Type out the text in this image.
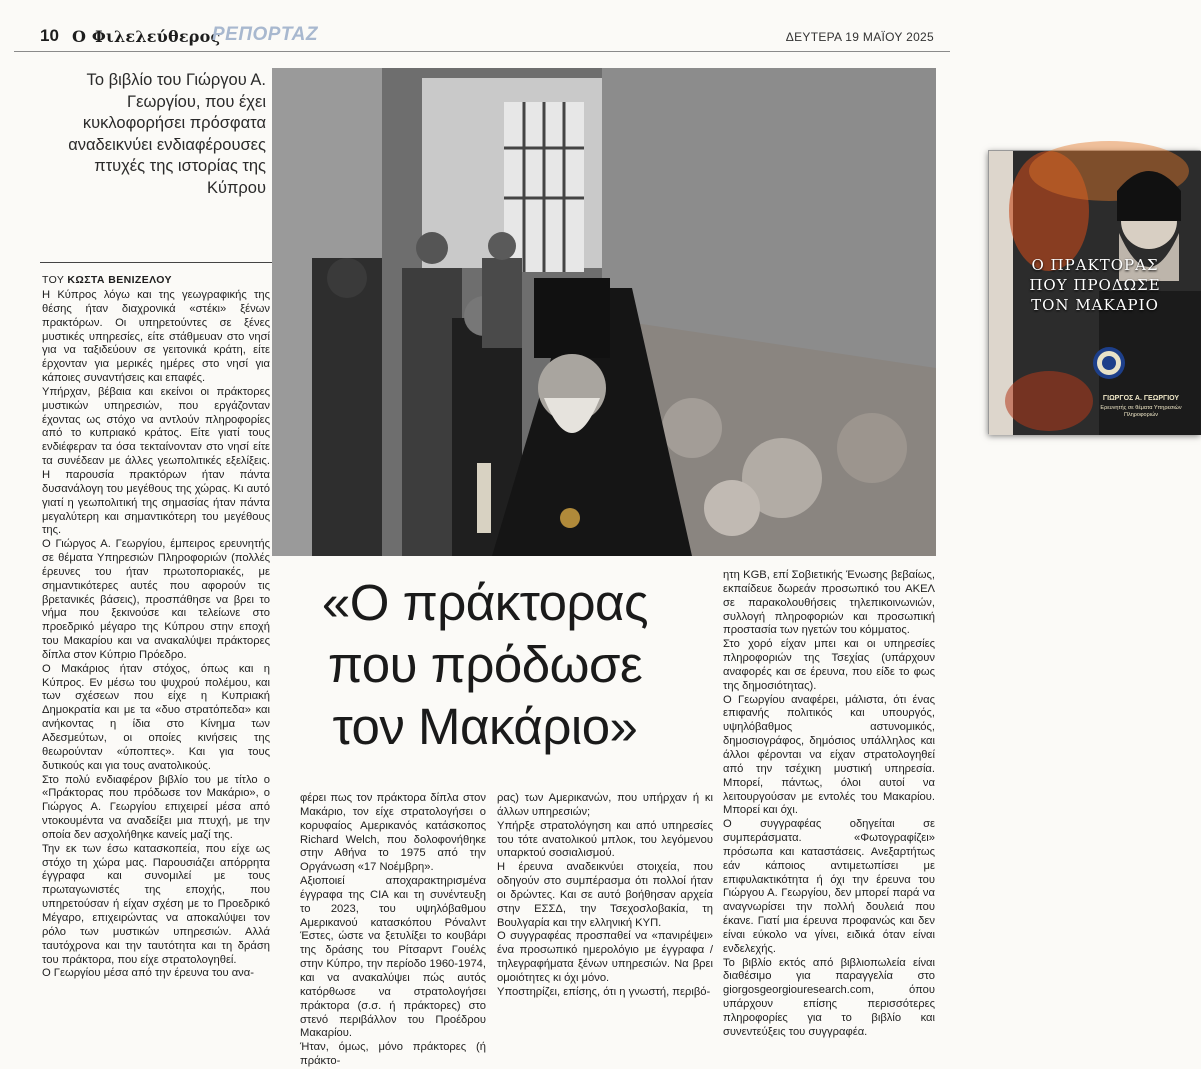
10 Ο Φιλελεύθερος
ΡΕΠΟΡΤΑΖ	ΔΕΥΤΕΡΑ 19 ΜΑΪΟΥ 2025
Το βιβλίο του Γιώργου Α. Γεωργίου, που έχει κυκλοφορήσει πρόσφατα αναδεικνύει ενδιαφέρουσες πτυχές της ιστορίας της Κύπρου
ΤΟΥ ΚΩΣΤΑ ΒΕΝΙΖΕΛΟΥ
Ο ΠΡΑΚΤΟΡΑΣ
ΠΟΥ ΠΡΟΔΩΣΕ
ΤΟΝ ΜΑΚΑΡΙΟ
ΓΙΩΡΓΟΣ Α. ΓΕΩΡΓΙΟΥ
Ερευνητής σε θέματα Υπηρεσιών Πληροφοριών
«Ο πράκτορας που πρόδωσε τον Μακάριο»

Η Κύπρος λόγω και της γεωγραφικής της θέσης ήταν διαχρονικά «στέκι» ξένων πρακτόρων. Οι υπηρετούντες σε ξένες μυστικές υπηρεσίες, είτε στάθμευαν στο νησί για να ταξιδεύουν σε γειτονικά κράτη, είτε έρχονταν για μερικές ημέρες στο νησί για κάποιες συναντήσεις και επαφές.

Υπήρχαν, βέβαια και εκείνοι οι πράκτορες μυστικών υπηρεσιών, που εργάζονταν έχοντας ως στόχο να αντλούν πληροφορίες από το κυπριακό κράτος. Είτε γιατί τους ενδιέφεραν τα όσα τεκταίνονταν στο νησί είτε τα συνέδεαν με άλλες γεωπολιτικές εξελίξεις. Η παρουσία πρακτόρων ήταν πάντα δυσανάλογη του μεγέθους της χώρας. Κι αυτό γιατί η γεωπολιτική της σημασίας ήταν πάντα μεγαλύτερη και σημαντικότερη του μεγέθους της.

Ο Γιώργος Α. Γεωργίου, έμπειρος ερευνητής σε θέματα Υπηρεσιών Πληροφοριών (πολλές έρευνες του ήταν πρωτοποριακές, με σημαντικότερες αυτές που αφορούν τις βρετανικές βάσεις), προσπάθησε να βρει το νήμα που ξεκινούσε και τελείωνε στο προεδρικό μέγαρο της Κύπρου στην εποχή του Μακαρίου και να ανακαλύψει πράκτορες δίπλα στον Κύπριο Πρόεδρο.

Ο Μακάριος ήταν στόχος, όπως και η Κύπρος. Εν μέσω του ψυχρού πολέμου, και των σχέσεων που είχε η Κυπριακή Δημοκρατία και με τα «δυο στρατόπεδα» και ανήκοντας η ίδια στο Κίνημα των Αδεσμεύτων, οι οποίες κινήσεις της θεωρούνταν «ύποπτες». Και για τους δυτικούς και για τους ανατολικούς.

Στο πολύ ενδιαφέρον βιβλίο του με τίτλο ο «Πράκτορας που πρόδωσε τον Μακάριο», ο Γιώργος Α. Γεωργίου επιχειρεί μέσα από ντοκουμέντα να αναδείξει μια πτυχή, με την οποία δεν ασχολήθηκε κανείς μαζί της.

Την εκ των έσω κατασκοπεία, που είχε ως στόχο τη χώρα μας. Παρουσιάζει απόρρητα έγγραφα και συνομιλεί με τους πρωταγωνιστές της εποχής, που υπηρετούσαν ή είχαν σχέση με το Προεδρικό Μέγαρο, επιχειρώντας να αποκαλύψει τον ρόλο των μυστικών υπηρεσιών. Αλλά ταυτόχρονα και την ταυτότητα και τη δράση του πράκτορα, που είχε στρατολογηθεί.

Ο Γεωργίου μέσα από την έρευνα του ανα-

φέρει πως τον πράκτορα δίπλα στον Μακάριο, τον είχε στρατολογήσει ο κορυφαίος Αμερικανός κατάσκοπος Richard Welch, που δολοφονήθηκε στην Αθήνα το 1975 από την Οργάνωση «17 Νοέμβρη».

Αξιοποιεί αποχαρακτηρισμένα έγγραφα της CIA και τη συνέντευξη το 2023, του υψηλόβαθμου Αμερικανού κατασκόπου Ρόναλντ Έστες, ώστε να ξετυλίξει το κουβάρι της δράσης του Ρίτσαρντ Γουέλς στην Κύπρο, την περίοδο 1960-1974, και να ανακαλύψει πώς αυτός κατόρθωσε να στρατολογήσει πράκτορα (σ.σ. ή πράκτορες) στο στενό περιβάλλον του Προέδρου Μακαρίου.

Ήταν, όμως, μόνο πράκτορες (ή πράκτο-

ρας) των Αμερικανών, που υπήρχαν ή κι άλλων υπηρεσιών;

Υπήρξε στρατολόγηση και από υπηρεσίες του τότε ανατολικού μπλοκ, του λεγόμενου υπαρκτού σοσιαλισμού.

Η έρευνα αναδεικνύει στοιχεία, που οδηγούν στο συμπέρασμα ότι πολλοί ήταν οι δρώντες. Και σε αυτό βοήθησαν αρχεία στην ΕΣΣΔ, την Τσεχοσλοβακία, τη Βουλγαρία και την ελληνική ΚΥΠ.

Ο συγγραφέας προσπαθεί να «πανιρέψει» ένα προσωπικό ημερολόγιο με έγγραφα / τηλεγραφήματα ξένων υπηρεσιών. Να βρει ομοιότητες κι όχι μόνο.

Υποστηρίζει, επίσης, ότι η γνωστή, περιβό-

ητη KGB, επί Σοβιετικής Ένωσης βεβαίως, εκπαίδευε δωρεάν προσωπικό του ΑΚΕΛ σε παρακολουθήσεις τηλεπικοινωνιών, συλλογή πληροφοριών και προσωπική προστασία των ηγετών του κόμματος.

Στο χορό είχαν μπει και οι υπηρεσίες πληροφοριών της Τσεχίας (υπάρχουν αναφορές και σε έρευνα, που είδε το φως της δημοσιότητας).

Ο Γεωργίου αναφέρει, μάλιστα, ότι ένας επιφανής πολιτικός και υπουργός, υψηλόβαθμος αστυνομικός, δημοσιογράφος, δημόσιος υπάλληλος και άλλοι φέρονται να είχαν στρατολογηθεί από την τσέχικη μυστική υπηρεσία. Μπορεί, πάντως, όλοι αυτοί να λειτουργούσαν με εντολές του Μακαρίου. Μπορεί και όχι.

Ο συγγραφέας οδηγείται σε συμπεράσματα. «Φωτογραφίζει» πρόσωπα και καταστάσεις. Ανεξαρτήτως εάν κάποιος αντιμετωπίσει με επιφυλακτικότητα ή όχι την έρευνα του Γιώργου Α. Γεωργίου, δεν μπορεί παρά να αναγνωρίσει την πολλή δουλειά που έκανε. Γιατί μια έρευνα προφανώς και δεν είναι εύκολο να γίνει, ειδικά όταν είναι ενδελεχής.

Το βιβλίο εκτός από βιβλιοπωλεία είναι διαθέσιμο για παραγγελία στο giorgosgeorgiouresearch.com, όπου υπάρχουν επίσης περισσότερες πληροφορίες για το βιβλίο και συνεντεύξεις του συγγραφέα.
